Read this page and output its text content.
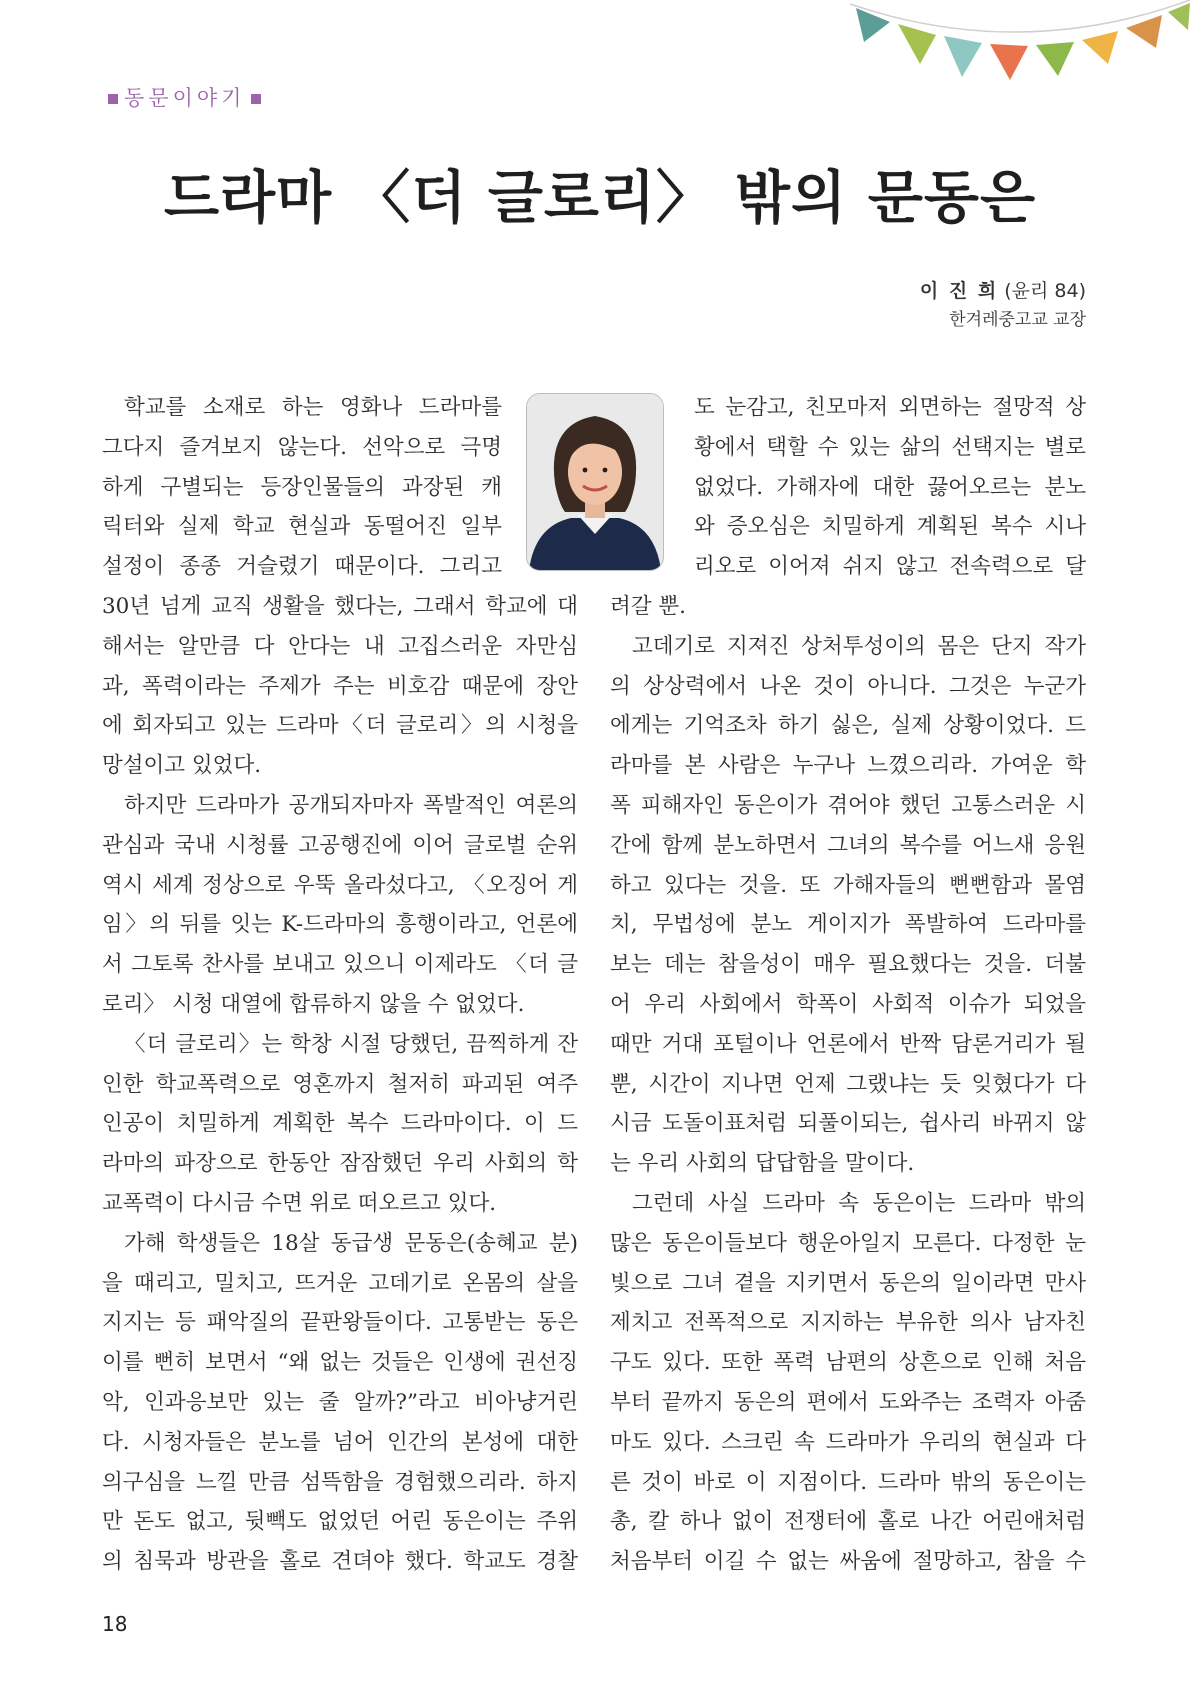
동문이야기
드라마 〈더 글로리〉 밖의 문동은
이 진 희 (윤리 84)
한겨레중고교 교장
학교를 소재로 하는 영화나 드라마를
그다지 즐겨보지 않는다. 선악으로 극명
하게 구별되는 등장인물들의 과장된 캐
릭터와 실제 학교 현실과 동떨어진 일부
설정이 종종 거슬렸기 때문이다. 그리고
30년 넘게 교직 생활을 했다는, 그래서 학교에 대
해서는 알만큼 다 안다는 내 고집스러운 자만심
과, 폭력이라는 주제가 주는 비호감 때문에 장안
에 회자되고 있는 드라마〈더 글로리〉의 시청을
망설이고 있었다.
하지만 드라마가 공개되자마자 폭발적인 여론의
관심과 국내 시청률 고공행진에 이어 글로벌 순위
역시 세계 정상으로 우뚝 올라섰다고, 〈오징어 게
임〉의 뒤를 잇는 K-드라마의 흥행이라고, 언론에
서 그토록 찬사를 보내고 있으니 이제라도 〈더 글
로리〉 시청 대열에 합류하지 않을 수 없었다.
〈더 글로리〉는 학창 시절 당했던, 끔찍하게 잔
인한 학교폭력으로 영혼까지 철저히 파괴된 여주
인공이 치밀하게 계획한 복수 드라마이다. 이 드
라마의 파장으로 한동안 잠잠했던 우리 사회의 학
교폭력이 다시금 수면 위로 떠오르고 있다.
가해 학생들은 18살 동급생 문동은(송혜교 분)
을 때리고, 밀치고, 뜨거운 고데기로 온몸의 살을
지지는 등 패악질의 끝판왕들이다. 고통받는 동은
이를 뻔히 보면서 “왜 없는 것들은 인생에 권선징
악, 인과응보만 있는 줄 알까?”라고 비아냥거린
다. 시청자들은 분노를 넘어 인간의 본성에 대한
의구심을 느낄 만큼 섬뜩함을 경험했으리라. 하지
만 돈도 없고, 뒷빽도 없었던 어린 동은이는 주위
의 침묵과 방관을 홀로 견뎌야 했다. 학교도 경찰
도 눈감고, 친모마저 외면하는 절망적 상
황에서 택할 수 있는 삶의 선택지는 별로
없었다. 가해자에 대한 끓어오르는 분노
와 증오심은 치밀하게 계획된 복수 시나
리오로 이어져 쉬지 않고 전속력으로 달
려갈 뿐.
고데기로 지져진 상처투성이의 몸은 단지 작가
의 상상력에서 나온 것이 아니다. 그것은 누군가
에게는 기억조차 하기 싫은, 실제 상황이었다. 드
라마를 본 사람은 누구나 느꼈으리라. 가여운 학
폭 피해자인 동은이가 겪어야 했던 고통스러운 시
간에 함께 분노하면서 그녀의 복수를 어느새 응원
하고 있다는 것을. 또 가해자들의 뻔뻔함과 몰염
치, 무법성에 분노 게이지가 폭발하여 드라마를
보는 데는 참을성이 매우 필요했다는 것을. 더불
어 우리 사회에서 학폭이 사회적 이슈가 되었을
때만 거대 포털이나 언론에서 반짝 담론거리가 될
뿐, 시간이 지나면 언제 그랬냐는 듯 잊혔다가 다
시금 도돌이표처럼 되풀이되는, 쉽사리 바뀌지 않
는 우리 사회의 답답함을 말이다.
그런데 사실 드라마 속 동은이는 드라마 밖의
많은 동은이들보다 행운아일지 모른다. 다정한 눈
빛으로 그녀 곁을 지키면서 동은의 일이라면 만사
제치고 전폭적으로 지지하는 부유한 의사 남자친
구도 있다. 또한 폭력 남편의 상흔으로 인해 처음
부터 끝까지 동은의 편에서 도와주는 조력자 아줌
마도 있다. 스크린 속 드라마가 우리의 현실과 다
른 것이 바로 이 지점이다. 드라마 밖의 동은이는
총, 칼 하나 없이 전쟁터에 홀로 나간 어린애처럼
처음부터 이길 수 없는 싸움에 절망하고, 참을 수
18
